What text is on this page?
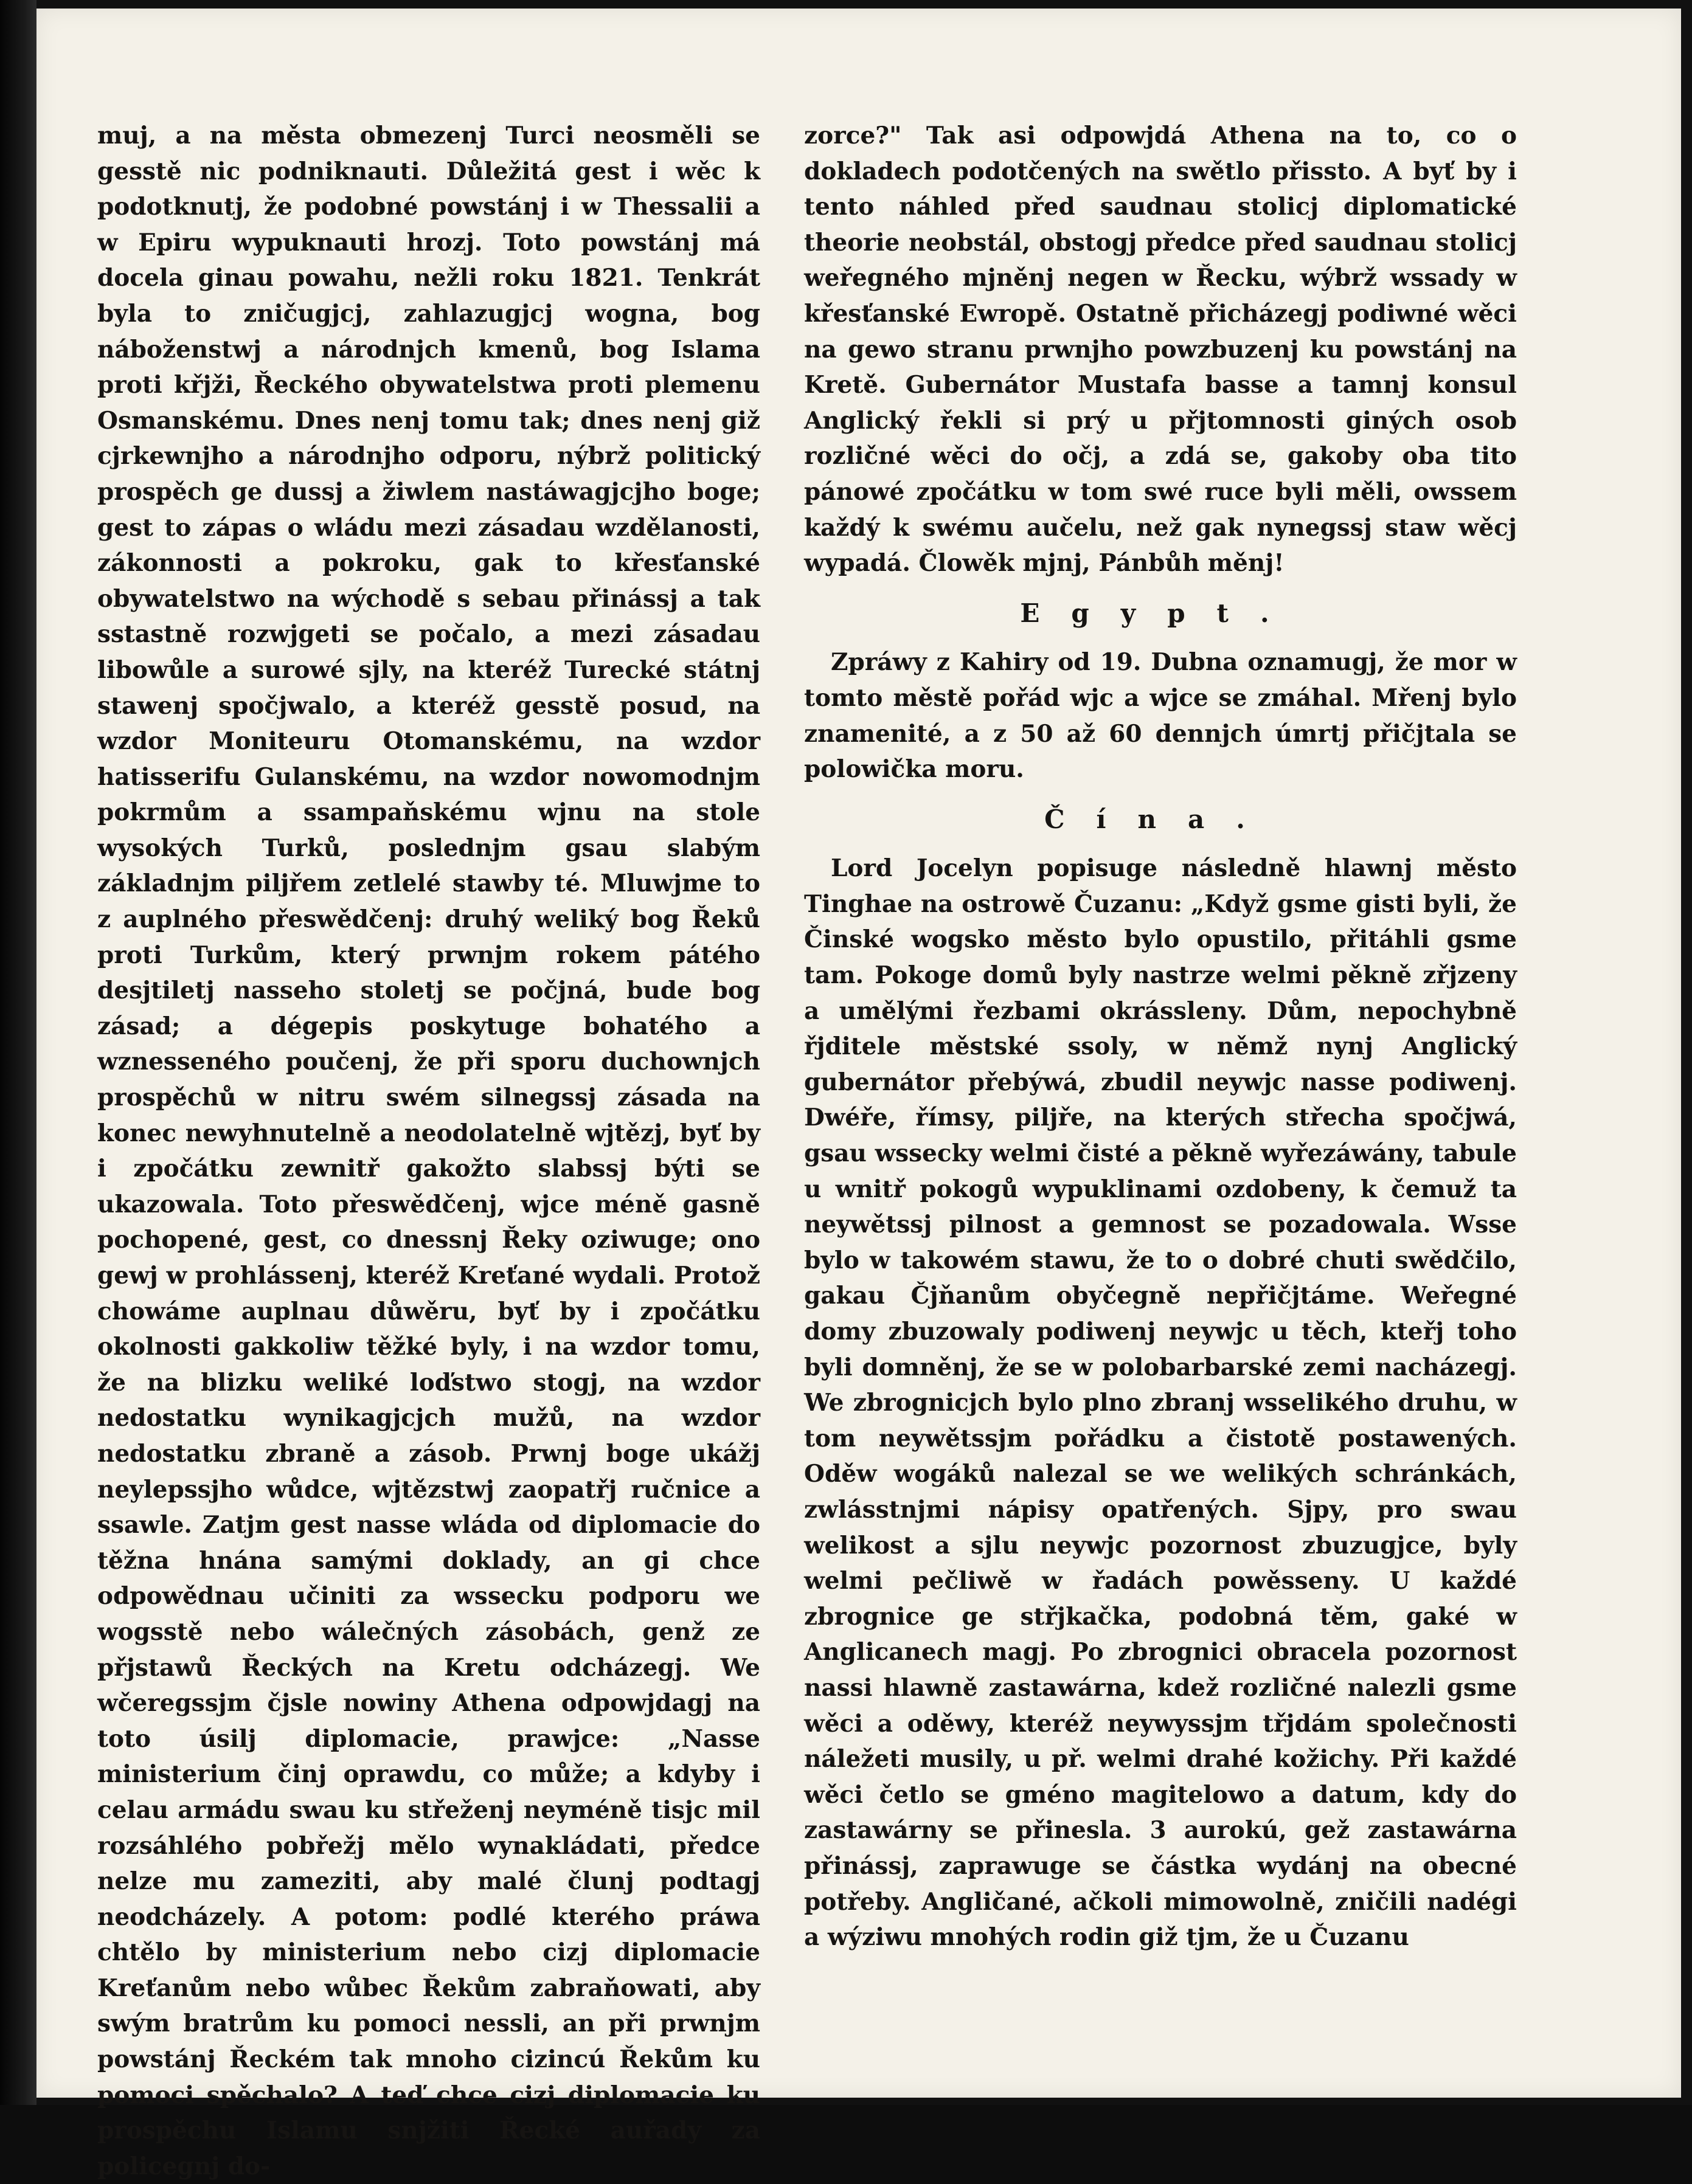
muj, a na města obmezenj Turci neosměli se gesstě nic podniknauti. Důležitá gest i wěc k podotknutj, že podobné powstánj i w Thessalii a w Epiru wypuknauti hrozj. Toto powstánj má docela ginau powahu, nežli roku 1821. Tenkrát byla to zničugjcj, zahlazugjcj wogna, bog náboženstwj a národnjch kmenů, bog Islama proti křjži, Řeckého obywatelstwa proti plemenu Osmanskému. Dnes nenj tomu tak; dnes nenj giž cjrkewnjho a národnjho odporu, nýbrž politický prospěch ge dussj a žiwlem nastáwagjcjho boge; gest to zápas o wládu mezi zásadau wzdělanosti, zákonnosti a pokroku, gak to křesťanské obywatelstwo na wýchodě s sebau přinássj a tak sstastně rozwjgeti se počalo, a mezi zásadau libowůle a surowé sjly, na kteréž Turecké státnj stawenj spočjwalo, a kteréž gesstě posud, na wzdor Moniteuru Otomanskému, na wzdor hatisserifu Gulanskému, na wzdor nowomodnjm pokrmům a ssampaňskému wjnu na stole wysokých Turků, poslednjm gsau slabým základnjm piljřem zetlelé stawby té. Mluwjme to z auplného přeswědčenj: druhý weliký bog Řeků proti Turkům, který prwnjm rokem pátého desjtiletj nasseho stoletj se počjná, bude bog zásad; a dégepis poskytuge bohatého a wznesseného poučenj, že při sporu duchownjch prospěchů w nitru swém silnegssj zásada na konec newyhnutelně a neodolatelně wjtězj, byť by i zpočátku zewnitř gakožto slabssj býti se ukazowala. Toto přeswědčenj, wjce méně gasně pochopené, gest, co dnessnj Řeky oziwuge; ono gewj w prohlássenj, kteréž Kreťané wydali. Protož chowáme auplnau důwěru, byť by i zpočátku okolnosti gakkoliw těžké byly, i na wzdor tomu, že na blizku weliké loďstwo stogj, na wzdor nedostatku wynikagjcjch mužů, na wzdor nedostatku zbraně a zásob. Prwnj boge ukážj neylepssjho wůdce, wjtězstwj zaopatřj ručnice a ssawle. Zatjm gest nasse wláda od diplomacie do těžna hnána samými doklady, an gi chce odpowědnau učiniti za wssecku podporu we wogsstě nebo wálečných zásobách, genž ze přjstawů Řeckých na Kretu odcházegj. We wčeregssjm čjsle nowiny Athena odpowjdagj na toto úsilj diplomacie, prawjce: „Nasse ministerium činj oprawdu, co může; a kdyby i celau armádu swau ku střeženj neyméně tisjc mil rozsáhlého pobřežj mělo wynakládati, předce nelze mu zameziti, aby malé člunj podtagj neodcházely. A potom: podlé kterého práwa chtělo by ministerium nebo cizj diplomacie Kreťanům nebo wůbec Řekům zabraňowati, aby swým bratrům ku pomoci nessli, an při prwnjm powstánj Řeckém tak mnoho cizincú Řekům ku pomoci spěchalo? A teď chce cizj diplomacie ku prospěchu Islamu snjžiti Řecké auřady za policegnj do-

zorce?" Tak asi odpowjdá Athena na to, co o dokladech podotčených na swětlo přissto. A byť by i tento náhled před saudnau stolicj diplomatické theorie neobstál, obstogj předce před saudnau stolicj weřegného mjněnj negen w Řecku, wýbrž wssady w křesťanské Ewropě. Ostatně přicházegj podiwné wěci na gewo stranu prwnjho powzbuzenj ku powstánj na Kretě. Gubernátor Mustafa basse a tamnj konsul Anglický řekli si prý u přjtomnosti giných osob rozličné wěci do očj, a zdá se, gakoby oba tito pánowé zpočátku w tom swé ruce byli měli, owssem každý k swému aučelu, než gak nynegssj staw wěcj wypadá. Člowěk mjnj, Pánbůh měnj!

Egypt.

Zpráwy z Kahiry od 19. Dubna oznamugj, že mor w tomto městě pořád wjc a wjce se zmáhal. Mřenj bylo znamenité, a z 50 až 60 dennjch úmrtj přičjtala se polowička moru.

Čína.

Lord Jocelyn popisuge následně hlawnj město Tinghae na ostrowě Čuzanu: „Když gsme gisti byli, že Činské wogsko město bylo opustilo, přitáhli gsme tam. Pokoge domů byly nastrze welmi pěkně zřjzeny a umělými řezbami okrássleny. Dům, nepochybně řjditele městské ssoly, w němž nynj Anglický gubernátor přebýwá, zbudil neywjc nasse podiwenj. Dwéře, římsy, piljře, na kterých střecha spočjwá, gsau wssecky welmi čisté a pěkně wyřezáwány, tabule u wnitř pokogů wypuklinami ozdobeny, k čemuž ta neywětssj pilnost a gemnost se pozadowala. Wsse bylo w takowém stawu, že to o dobré chuti swědčilo, gakau Čjňanům obyčegně nepřičjtáme. Weřegné domy zbuzowaly podiwenj neywjc u těch, kteřj toho byli domněnj, že se w polobarbarské zemi nacházegj. We zbrognicjch bylo plno zbranj wsselikého druhu, w tom neywětssjm pořádku a čistotě postawených. Oděw wogáků nalezal se we welikých schránkách, zwlásstnjmi nápisy opatřených. Sjpy, pro swau welikost a sjlu neywjc pozornost zbuzugjce, byly welmi pečliwě w řadách powěsseny. U každé zbrognice ge střjkačka, podobná těm, gaké w Anglicanech magj. Po zbrognici obracela pozornost nassi hlawně zastawárna, kdež rozličné nalezli gsme wěci a oděwy, kteréž neywyssjm třjdám společnosti náležeti musily, u př. welmi drahé kožichy. Při každé wěci četlo se gméno magitelowo a datum, kdy do zastawárny se přinesla. 3 aurokú, gež zastawárna přinássj, zaprawuge se částka wydánj na obecné potřeby. Angličané, ačkoli mimowolně, zničili nadégi a wýziwu mnohých rodin giž tjm, že u Čuzanu
